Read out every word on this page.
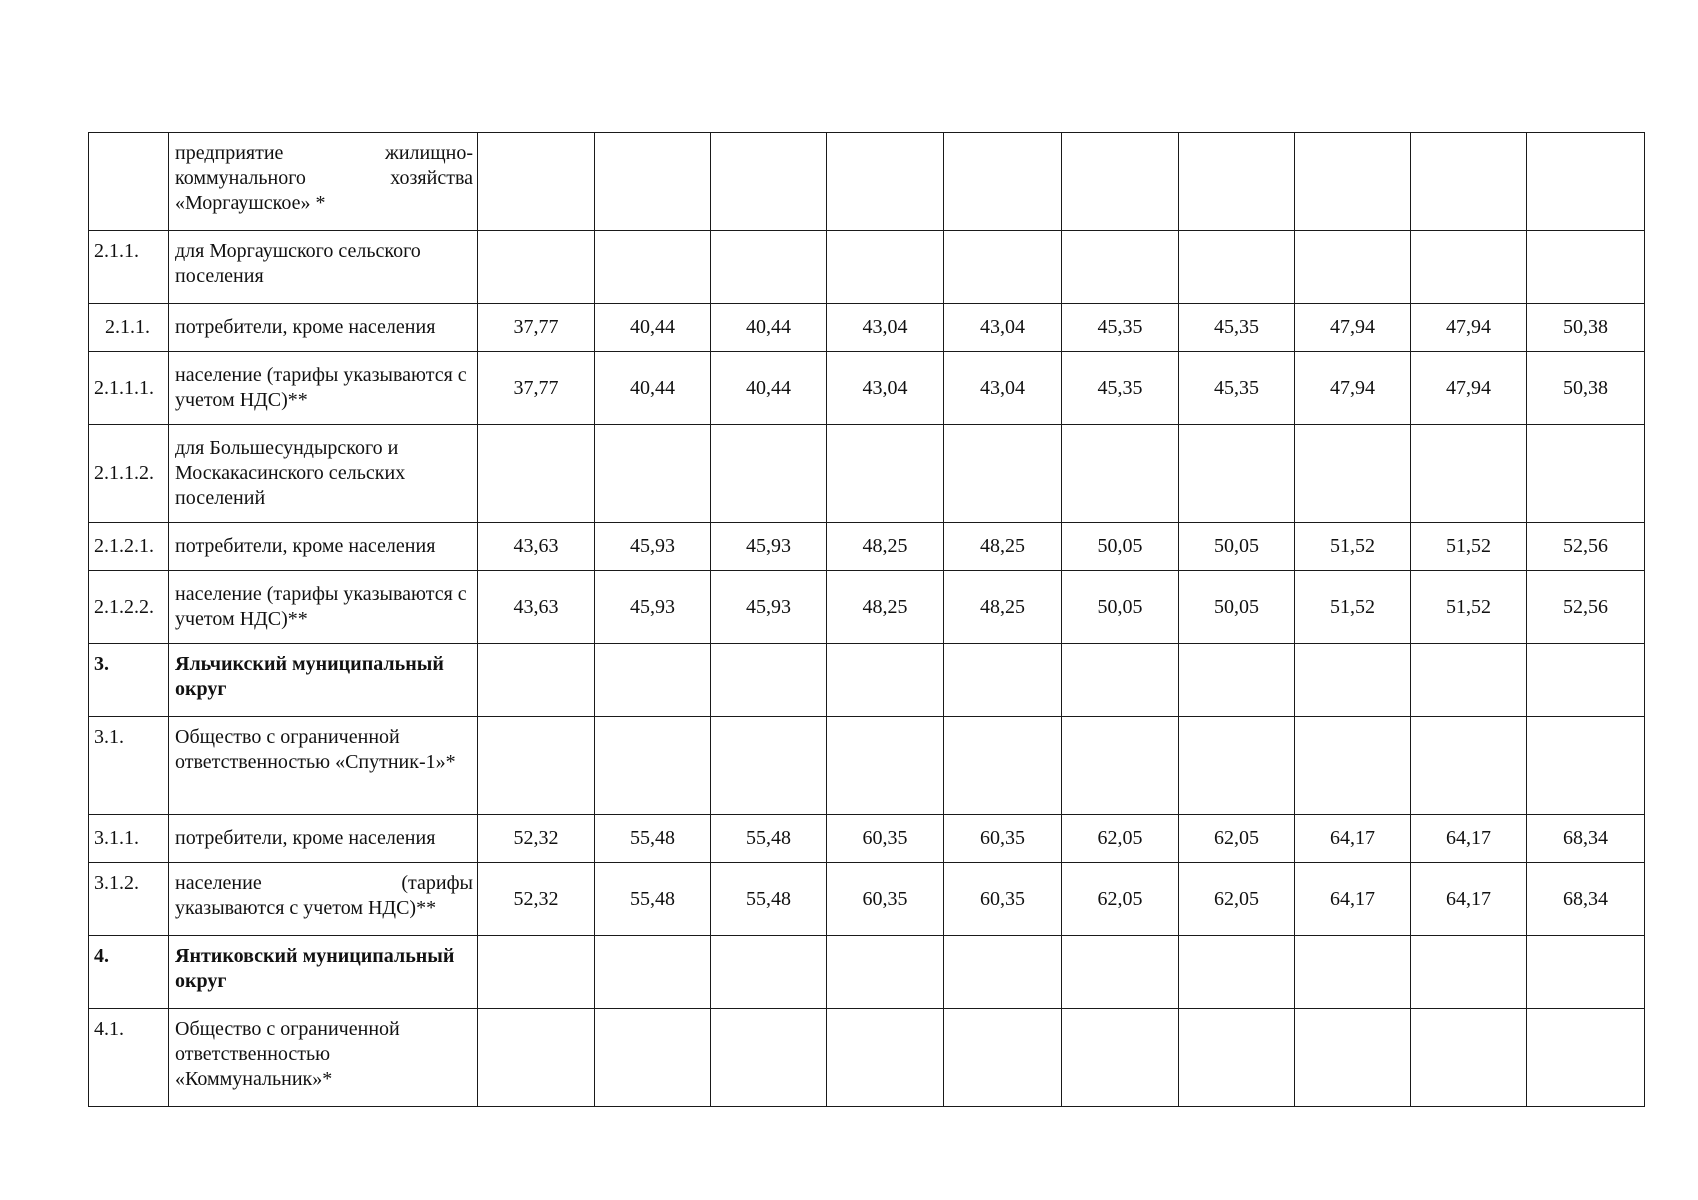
	предприятие жилищно-
коммунального хозяйства
«Моргаушское» *										

2.1.1.	для Моргаушского сельского поселения										
2.1.1.	потребители, кроме населения	37,77	40,44	40,44	43,04	43,04	45,35	45,35	47,94	47,94	50,38
2.1.1.1.	население (тарифы указываются с учетом НДС)**	37,77	40,44	40,44	43,04	43,04	45,35	45,35	47,94	47,94	50,38
2.1.1.2.	для Большесундырского и Москакасинского сельских поселений										
2.1.2.1.	потребители, кроме населения	43,63	45,93	45,93	48,25	48,25	50,05	50,05	51,52	51,52	52,56
2.1.2.2.	население (тарифы указываются с учетом НДС)**	43,63	45,93	45,93	48,25	48,25	50,05	50,05	51,52	51,52	52,56
3.	Яльчикский муниципальный округ										
3.1.	Общество с ограниченной ответственностью «Спутник-1»*										
3.1.1.	потребители, кроме населения	52,32	55,48	55,48	60,35	60,35	62,05	62,05	64,17	64,17	68,34
3.1.2.	население (тарифы
указываются с учетом НДС)**	52,32	55,48	55,48	60,35	60,35	62,05	62,05	64,17	64,17	68,34
4.	Янтиковский муниципальный округ										
4.1.	Общество с ограниченной ответственностью «Коммунальник»*										
